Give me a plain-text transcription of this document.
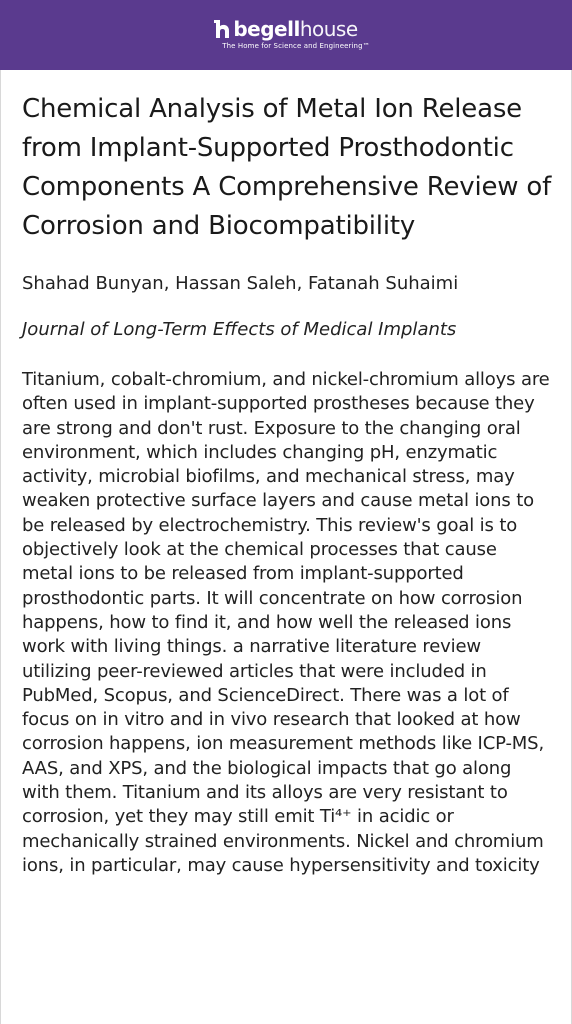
begellhouse
The Home for Science and Engineering™
Chemical Analysis of Metal Ion Release from Implant-Supported Prosthodontic Components A Comprehensive Review of Corrosion and Biocompatibility
Shahad Bunyan, Hassan Saleh, Fatanah Suhaimi
Journal of Long-Term Effects of Medical Implants

Titanium, cobalt-chromium, and nickel-chromium alloys are often used in implant-supported prostheses because they are strong and don't rust. Exposure to the changing oral environment, which includes changing pH, enzymatic activity, microbial biofilms, and mechanical stress, may weaken protective surface layers and cause metal ions to be released by electrochemistry. This review's goal is to objectively look at the chemical processes that cause metal ions to be released from implant-supported prosthodontic parts. It will concentrate on how corrosion happens, how to find it, and how well the released ions work with living things. a narrative literature review utilizing peer-reviewed articles that were included in PubMed, Scopus, and ScienceDirect. There was a lot of focus on in vitro and in vivo research that looked at how corrosion happens, ion measurement methods like ICP-MS, AAS, and XPS, and the biological impacts that go along with them. Titanium and its alloys are very resistant to corrosion, yet they may still emit Ti⁴⁺ in acidic or mechanically strained environments. Nickel and chromium ions, in particular, may cause hypersensitivity and toxicity
